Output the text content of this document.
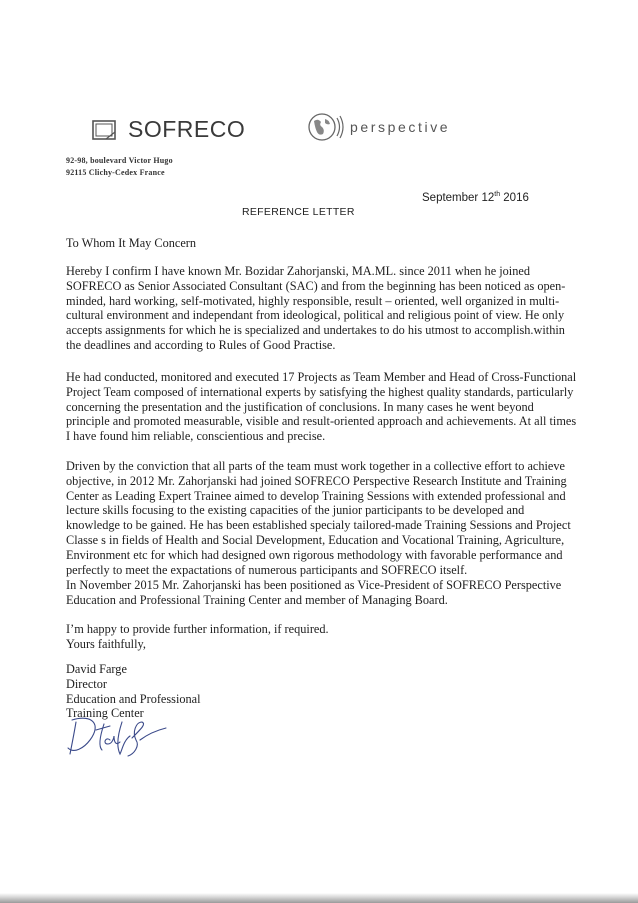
SOFRECO
92-98, boulevard Victor Hugo
92115 Clichy-Cedex France
perspective
September 12th 2016
REFERENCE LETTER
To Whom It May Concern
Hereby I confirm I have known Mr. Bozidar Zahorjanski, MA.ML. since 2011 when he joined
SOFRECO as Senior Associated Consultant (SAC) and from the beginning has been noticed as open-
minded, hard working, self-motivated, highly responsible, result – oriented, well organized in multi-
cultural environment and independant from ideological, political and religious point of view. He only
accepts assignments for which he is specialized and undertakes to do his utmost to accomplish.within
the deadlines and according to Rules of Good Practise.
He had conducted, monitored and executed 17 Projects as Team Member and Head of Cross-Functional
Project Team composed of international experts by satisfying the highest quality standards, particularly
concerning the presentation and the justification of conclusions. In many cases he went beyond
principle and promoted measurable, visible and result-oriented approach and achievements. At all times
I have found him reliable, conscientious and precise.
Driven by the conviction that all parts of the team must work together in a collective effort to achieve
objective, in 2012 Mr. Zahorjanski had joined SOFRECO Perspective Research Institute and Training
Center as Leading Expert Trainee aimed to develop Training Sessions with extended professional and
lecture skills focusing to the existing capacities of the junior participants to be developed and
knowledge to be gained. He has been established specialy tailored-made Training Sessions and Project
Classe s in fields of Health and Social Development, Education and Vocational Training, Agriculture,
Environment etc for which had designed own rigorous methodology with favorable performance and
perfectly to meet the expactations of numerous participants and SOFRECO itself.
In November 2015 Mr. Zahorjanski has been positioned as Vice-President of SOFRECO Perspective
Education and Professional Training Center and member of Managing Board.
I’m happy to provide further information, if required.
Yours faithfully,
David Farge
Director
Education and Professional
Training Center
